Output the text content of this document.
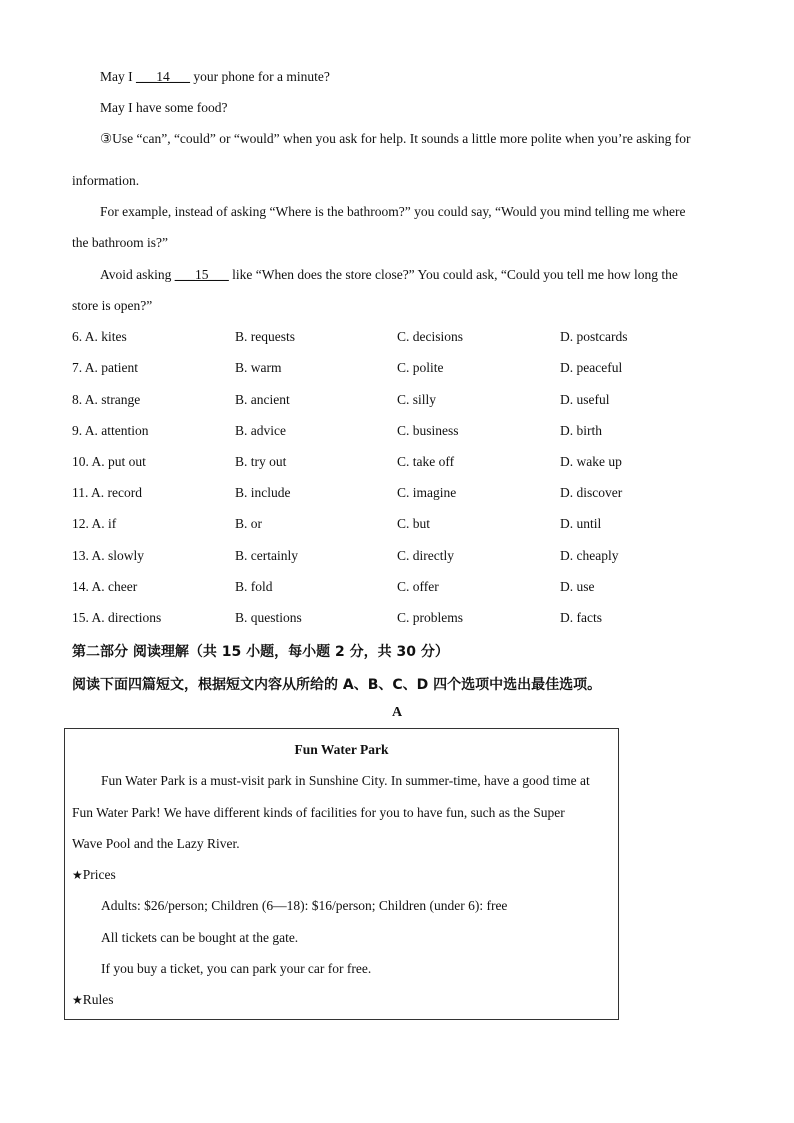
May I ___14___ your phone for a minute?
May I have some food?
③Use “can”, “could” or “would” when you ask for help. It sounds a little more polite when you’re asking for
information.
For example, instead of asking “Where is the bathroom?” you could say, “Would you mind telling me where
the bathroom is?”
Avoid asking ___15___ like “When does the store close?” You could ask, “Could you tell me how long the
store is open?”
6. A. kites	B. requests	C. decisions	D. postcards
7. A. patient	B. warm	C. polite	D. peaceful
8. A. strange	B. ancient	C. silly	D. useful
9. A. attention	B. advice	C. business	D. birth
10. A. put out	B. try out	C. take off	D. wake up
11. A. record	B. include	C. imagine	D. discover
12. A. if	B. or	C. but	D. until
13. A. slowly	B. certainly	C. directly	D. cheaply
14. A. cheer	B. fold	C. offer	D. use
15. A. directions	B. questions	C. problems	D. facts
第二部分 阅读理解（共 15 小题，每小题 2 分，共 30 分）
阅读下面四篇短文，根据短文内容从所给的 A、B、C、D 四个选项中选出最佳选项。
A
Fun Water Park
Fun Water Park is a must-visit park in Sunshine City. In summer-time, have a good time at
Fun Water Park! We have different kinds of facilities for you to have fun, such as the Super
Wave Pool and the Lazy River.
★Prices
Adults: $26/person; Children (6—18): $16/person; Children (under 6): free
All tickets can be bought at the gate.
If you buy a ticket, you can park your car for free.
★Rules
